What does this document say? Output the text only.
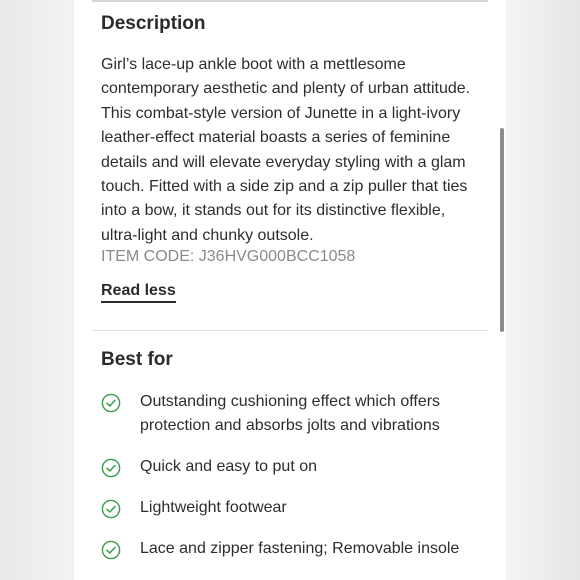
Description

Girl’s lace-up ankle boot with a mettlesome contemporary aesthetic and plenty of urban attitude. This combat-style version of Junette in a light-ivory leather-effect material boasts a series of feminine details and will elevate everyday styling with a glam touch. Fitted with a side zip and a zip puller that ties into a bow, it stands out for its distinctive flexible, ultra-light and chunky outsole.

ITEM CODE: J36HVG000BCC1058
Read less
Best for
Outstanding cushioning effect which offers protection and absorbs jolts and vibrations
Quick and easy to put on
Lightweight footwear
Lace and zipper fastening; Removable insole
